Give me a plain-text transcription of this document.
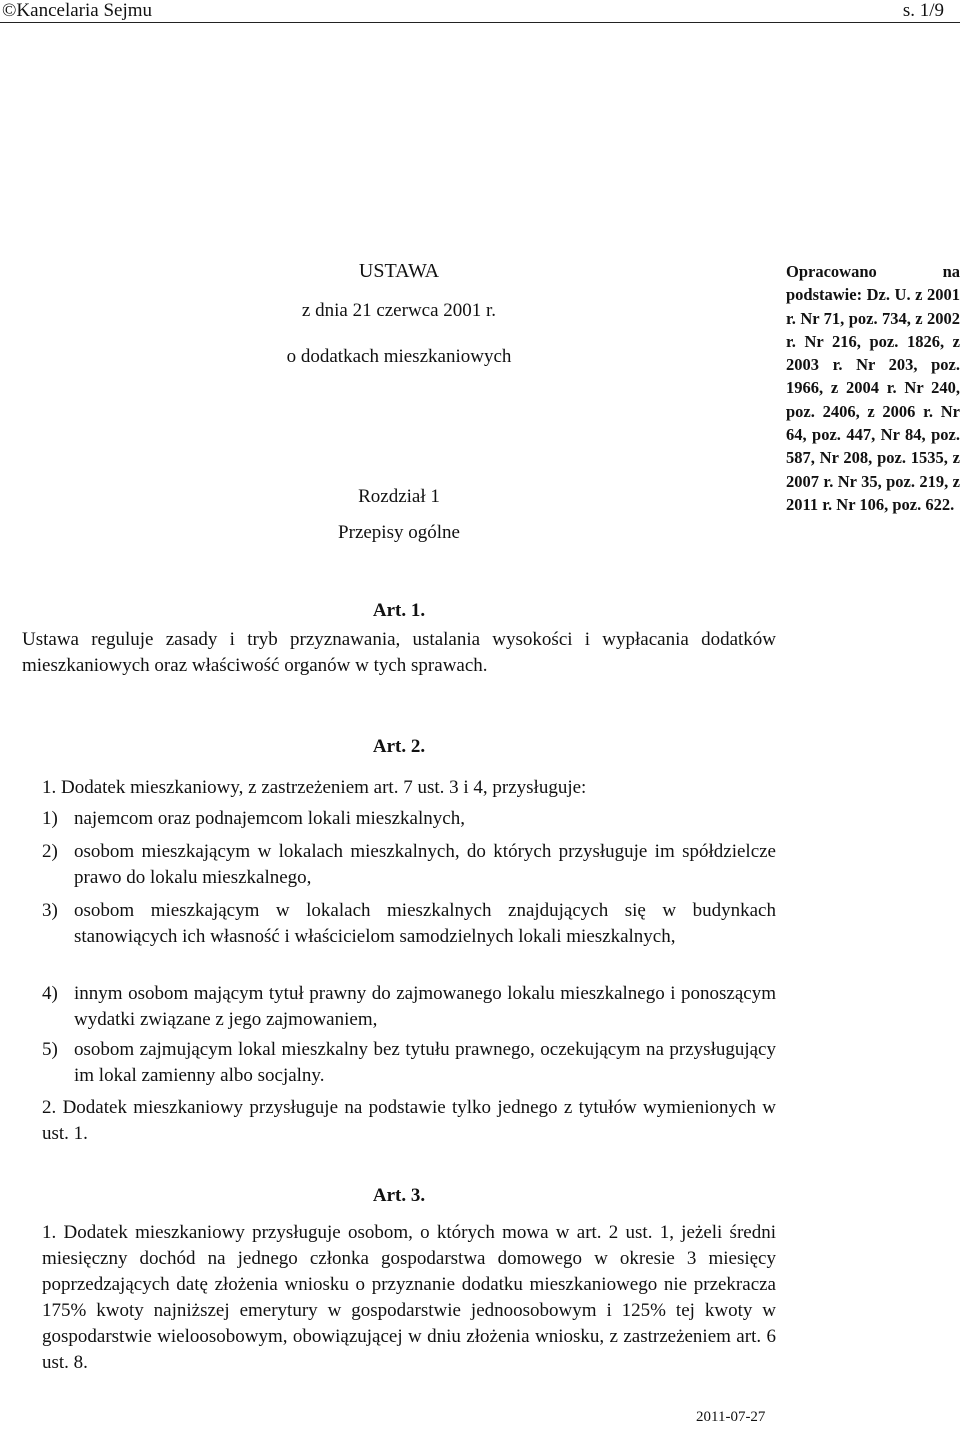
©Kancelaria Sejmu	s. 1/9
USTAWA
z dnia 21 czerwca 2001 r.
o dodatkach mieszkaniowych
Rozdział 1
Przepisy ogólne
Opracowano na podstawie: Dz. U. z 2001 r. Nr 71, poz. 734, z 2002 r. Nr 216, poz. 1826, z 2003 r. Nr 203, poz. 1966, z 2004 r. Nr 240, poz. 2406, z 2006 r. Nr 64, poz. 447, Nr 84, poz. 587, Nr 208, poz. 1535, z 2007 r. Nr 35, poz. 219, z 2011 r. Nr 106, poz. 622.
Art. 1.
Ustawa reguluje zasady i tryb przyznawania, ustalania wysokości i wypłacania dodatków mieszkaniowych oraz właściwość organów w tych sprawach.
Art. 2.
1. Dodatek mieszkaniowy, z zastrzeżeniem art. 7 ust. 3 i 4, przysługuje:
1) najemcom oraz podnajemcom lokali mieszkalnych,
2) osobom mieszkającym w lokalach mieszkalnych, do których przysługuje im spółdzielcze prawo do lokalu mieszkalnego,
3) osobom mieszkającym w lokalach mieszkalnych znajdujących się w budynkach stanowiących ich własność i właścicielom samodzielnych lokali mieszkalnych,
4) innym osobom mającym tytuł prawny do zajmowanego lokalu mieszkalnego i ponoszącym wydatki związane z jego zajmowaniem,
5) osobom zajmującym lokal mieszkalny bez tytułu prawnego, oczekującym na przysługujący im lokal zamienny albo socjalny.
2. Dodatek mieszkaniowy przysługuje na podstawie tylko jednego z tytułów wymienionych w ust. 1.
Art. 3.
1. Dodatek mieszkaniowy przysługuje osobom, o których mowa w art. 2 ust. 1, jeżeli średni miesięczny dochód na jednego członka gospodarstwa domowego w okresie 3 miesięcy poprzedzających datę złożenia wniosku o przyznanie dodatku mieszkaniowego nie przekracza 175% kwoty najniższej emerytury w gospodarstwie jednoosobowym i 125% tej kwoty w gospodarstwie wieloosobowym, obowiązującej w dniu złożenia wniosku, z zastrzeżeniem art. 6 ust. 8.
2011-07-27
